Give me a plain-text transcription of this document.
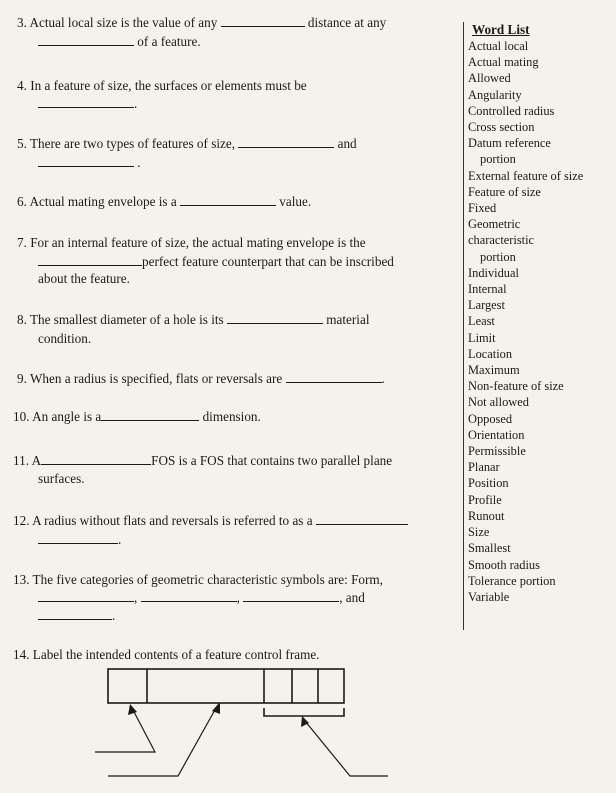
3. Actual local size is the value of any	distance at any
of a feature.
4. In a feature of size, the surfaces or elements must be
.
5. There are two types of features of size,	and
.
6. Actual mating envelope is a	value.
7. For an internal feature of size, the actual mating envelope is the
perfect feature counterpart that can be inscribed
about the feature.
8. The smallest diameter of a hole is its	material
condition.
9. When a radius is specified, flats or reversals are	.
10. An angle is a	dimension.
11. A	FOS is a FOS that contains two parallel plane
surfaces.
12. A radius without flats and reversals is referred to as a
.
13. The five categories of geometric characteristic symbols are: Form,
,	,	, and
.
14. Label the intended contents of a feature control frame.
Word List
Actual local
Actual mating
Allowed
Angularity
Controlled radius
Cross section
Datum reference
portion
External feature of size
Feature of size
Fixed
Geometric
characteristic
portion
Individual
Internal
Largest
Least
Limit
Location
Maximum
Non-feature of size
Not allowed
Opposed
Orientation
Permissible
Planar
Position
Profile
Runout
Size
Smallest
Smooth radius
Tolerance portion
Variable
